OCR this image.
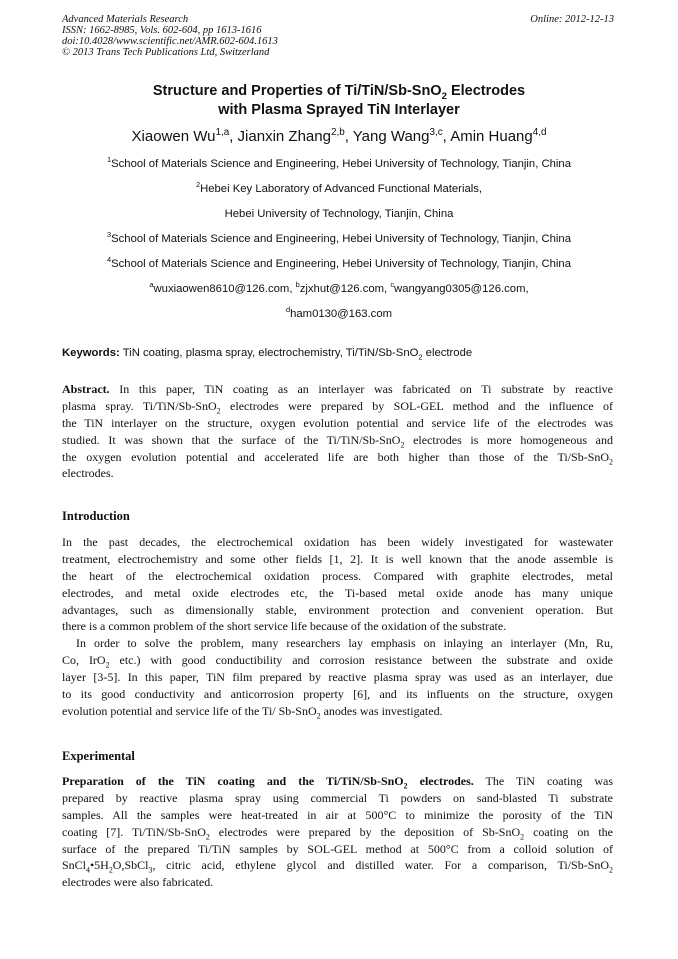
Advanced Materials Research
ISSN: 1662-8985, Vols. 602-604, pp 1613-1616
doi:10.4028/www.scientific.net/AMR.602-604.1613
© 2013 Trans Tech Publications Ltd, Switzerland
Online: 2012-12-13
Structure and Properties of Ti/TiN/Sb-SnO$_2$ Electrodes
with Plasma Sprayed TiN Interlayer
Xiaowen Wu$^{1,a}$, Jianxin Zhang$^{2,b}$, Yang Wang$^{3,c}$, Amin Huang$^{4,d}$
$^1$School of Materials Science and Engineering, Hebei University of Technology, Tianjin, China
$^2$Hebei Key Laboratory of Advanced Functional Materials,
Hebei University of Technology, Tianjin, China
$^3$School of Materials Science and Engineering, Hebei University of Technology, Tianjin, China
$^4$School of Materials Science and Engineering, Hebei University of Technology, Tianjin, China
$^a$wuxiaowen8610@126.com, $^b$zjxhut@126.com, $^c$wangyang0305@126.com,
$^d$ham0130@163.com
Keywords: TiN coating, plasma spray, electrochemistry, Ti/TiN/Sb-SnO$_2$ electrode
Abstract. In this paper, TiN coating as an interlayer was fabricated on Ti substrate by reactive
plasma spray. Ti/TiN/Sb-SnO$_2$ electrodes were prepared by SOL-GEL method and the influence of
the TiN interlayer on the structure, oxygen evolution potential and service life of the electrodes was
studied. It was shown that the surface of the Ti/TiN/Sb-SnO$_2$ electrodes is more homogeneous and
the oxygen evolution potential and accelerated life are both higher than those of the Ti/Sb-SnO$_2$
electrodes.
Introduction
In the past decades, the electrochemical oxidation has been widely investigated for wastewater
treatment, electrochemistry and some other fields [1, 2]. It is well known that the anode assemble is
the heart of the electrochemical oxidation process. Compared with graphite electrodes, metal
electrodes, and metal oxide electrodes etc, the Ti-based metal oxide anode has many unique
advantages, such as dimensionally stable, environment protection and convenient operation. But
there is a common problem of the short service life because of the oxidation of the substrate.
In order to solve the problem, many researchers lay emphasis on inlaying an interlayer (Mn, Ru,
Co, IrO$_2$ etc.) with good conductibility and corrosion resistance between the substrate and oxide
layer [3-5]. In this paper, TiN film prepared by reactive plasma spray was used as an interlayer, due
to its good conductivity and anticorrosion property [6], and its influents on the structure, oxygen
evolution potential and service life of the Ti/ Sb-SnO$_2$ anodes was investigated.
Experimental
Preparation of the TiN coating and the Ti/TiN/Sb-SnO$_2$ electrodes. The TiN coating was
prepared by reactive plasma spray using commercial Ti powders on sand-blasted Ti substrate
samples. All the samples were heat-treated in air at 500°C to minimize the porosity of the TiN
coating [7]. Ti/TiN/Sb-SnO$_2$ electrodes were prepared by the deposition of Sb-SnO$_2$ coating on the
surface of the prepared Ti/TiN samples by SOL-GEL method at 500°C from a colloid solution of
$SnCl_4•5H_2O,SbCl_3$, citric acid, ethylene glycol and distilled water. For a comparison, Ti/Sb-SnO$_2$
electrodes were also fabricated.
